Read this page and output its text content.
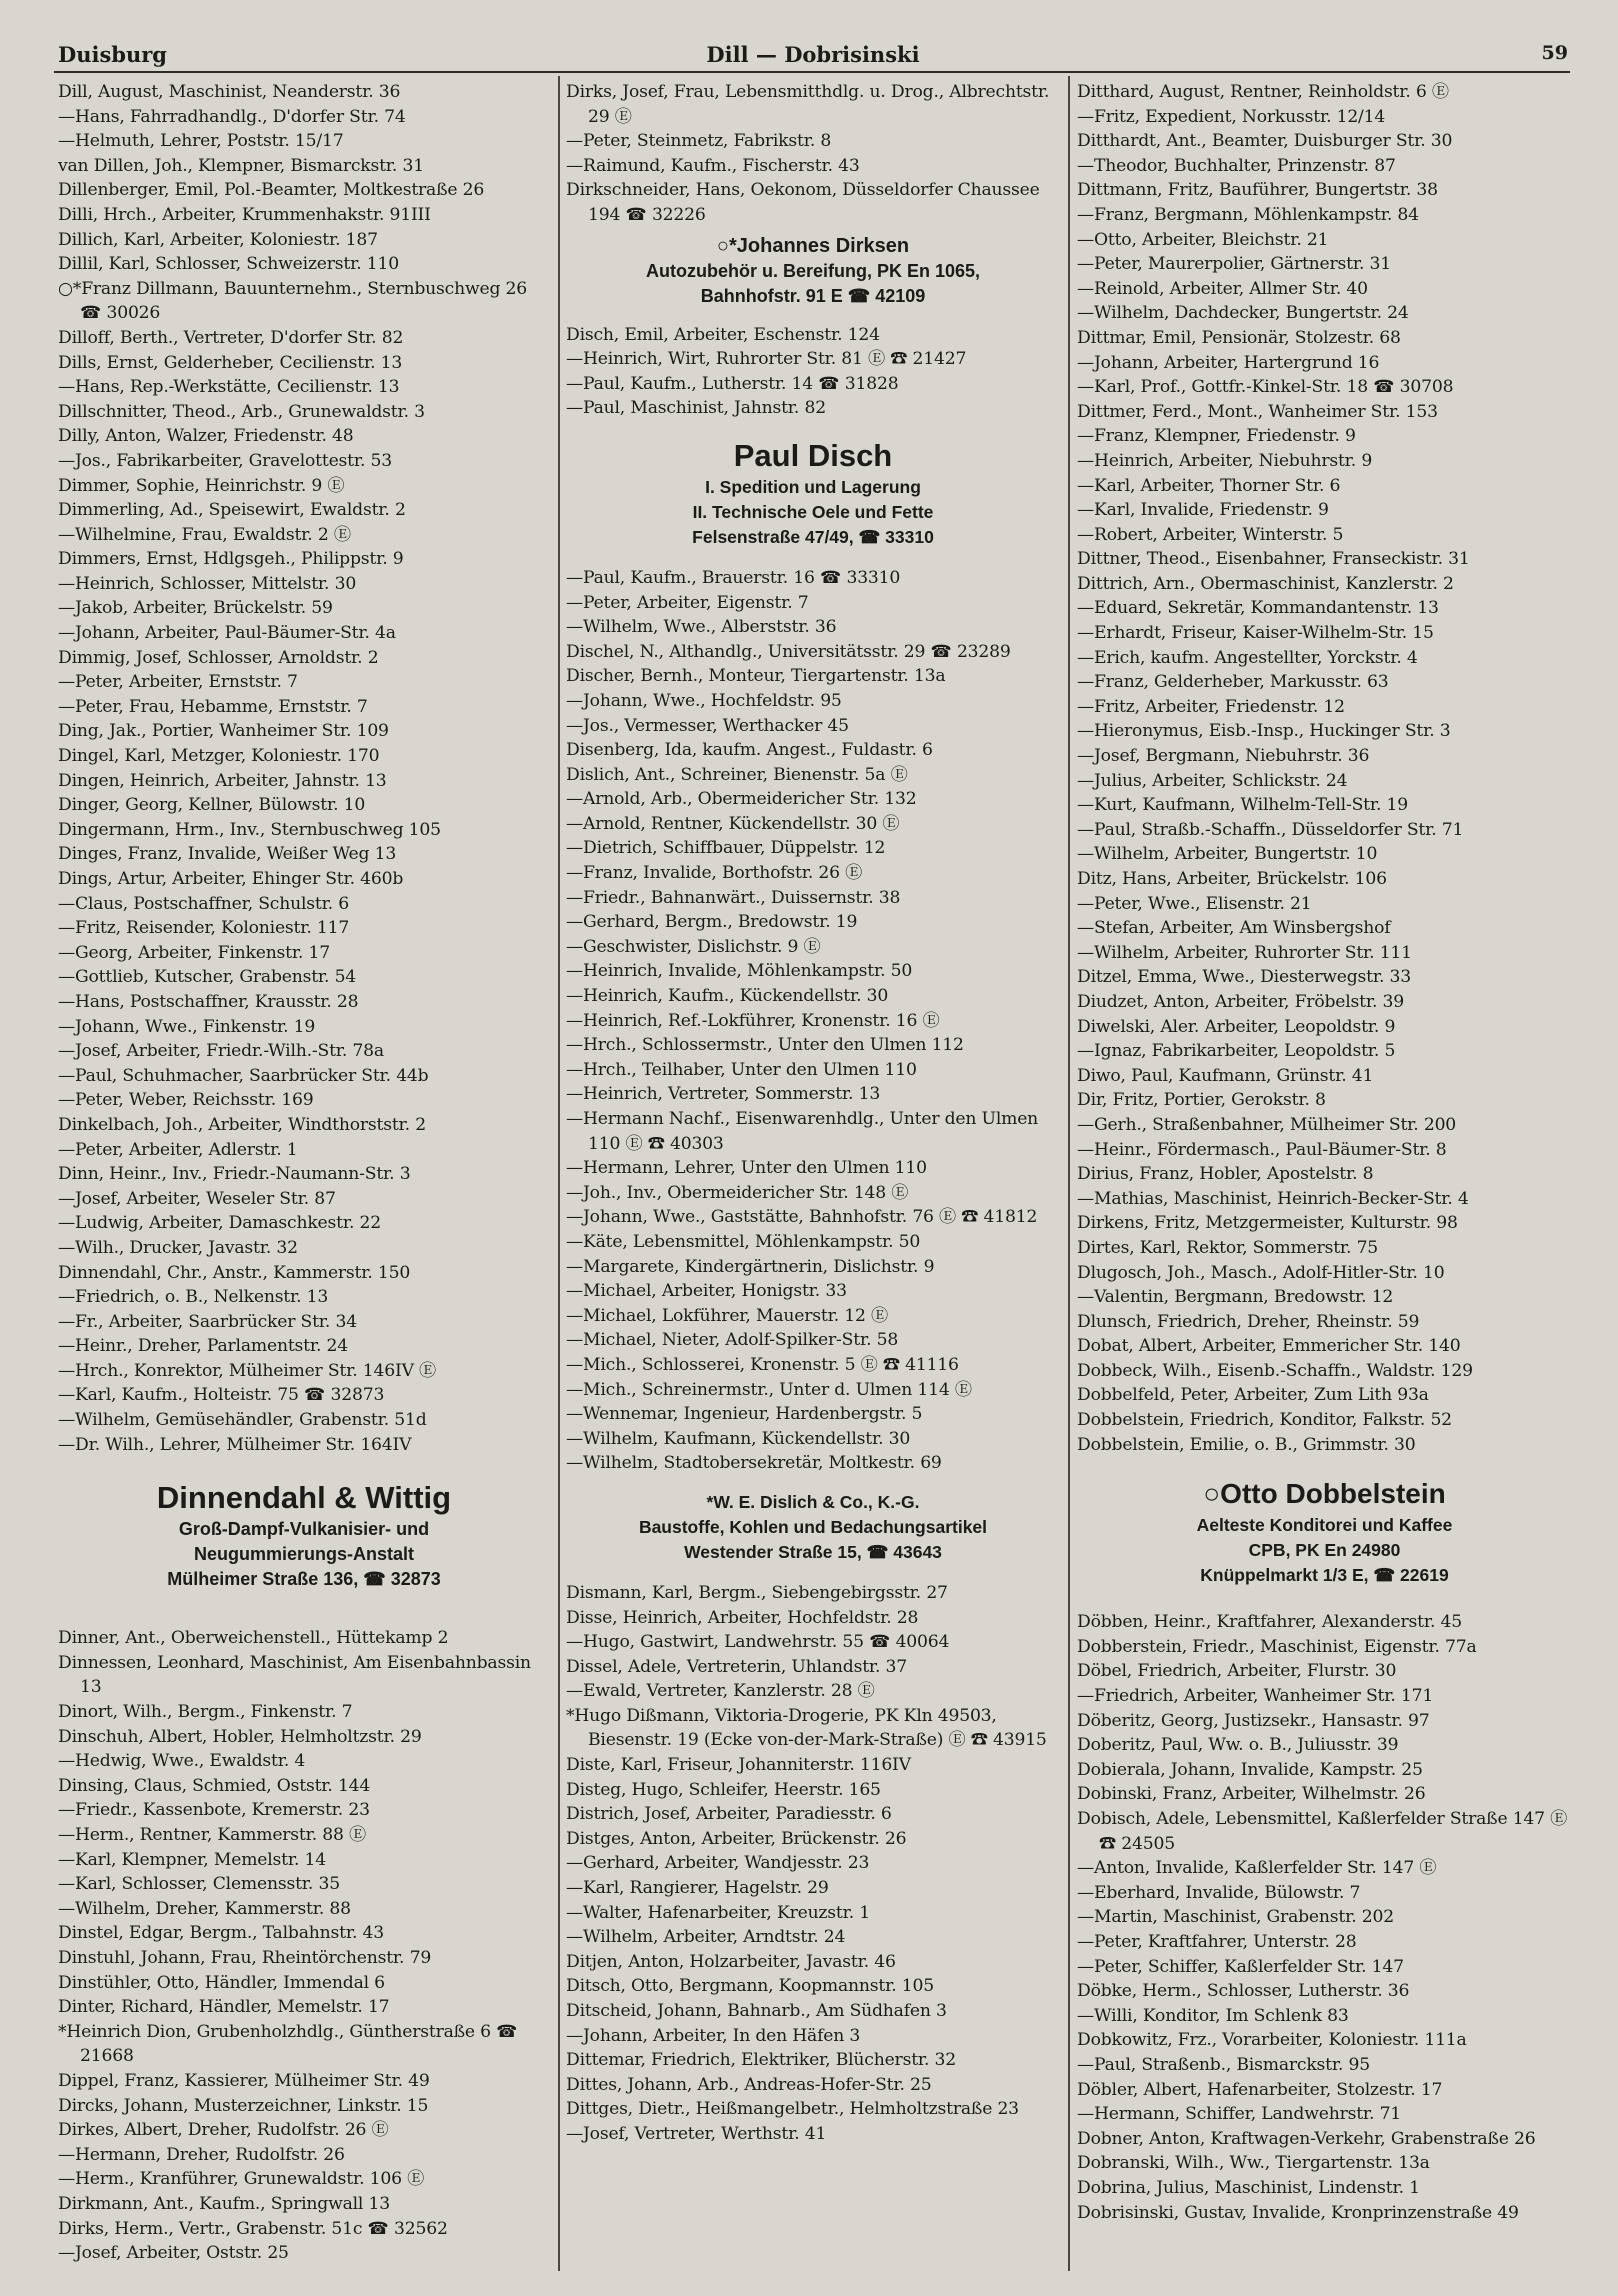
Duisburg	Dill — Dobrisinski	59
Dill, August, Maschinist, Neanderstr. 36
—Hans, Fahrradhandlg., D'dorfer Str. 74
—Helmuth, Lehrer, Poststr. 15/17
van Dillen, Joh., Klempner, Bismarckstr. 31
Dillenberger, Emil, Pol.-Beamter, Moltkestraße 26
Dilli, Hrch., Arbeiter, Krummenhakstr. 91III
Dillich, Karl, Arbeiter, Koloniestr. 187
Dillil, Karl, Schlosser, Schweizerstr. 110
○*Franz Dillmann, Bauunternehm., Sternbuschweg 26 ☎ 30026
Dilloff, Berth., Vertreter, D'dorfer Str. 82
Dills, Ernst, Gelderheber, Cecilienstr. 13
—Hans, Rep.-Werkstätte, Cecilienstr. 13
Dillschnitter, Theod., Arb., Grunewaldstr. 3
Dilly, Anton, Walzer, Friedenstr. 48
—Jos., Fabrikarbeiter, Gravelottestr. 53
Dimmer, Sophie, Heinrichstr. 9 Ⓔ
Dimmerling, Ad., Speisewirt, Ewaldstr. 2
—Wilhelmine, Frau, Ewaldstr. 2 Ⓔ
Dimmers, Ernst, Hdlgsgeh., Philippstr. 9
—Heinrich, Schlosser, Mittelstr. 30
—Jakob, Arbeiter, Brückelstr. 59
—Johann, Arbeiter, Paul-Bäumer-Str. 4a
Dimmig, Josef, Schlosser, Arnoldstr. 2
—Peter, Arbeiter, Ernststr. 7
—Peter, Frau, Hebamme, Ernststr. 7
Ding, Jak., Portier, Wanheimer Str. 109
Dingel, Karl, Metzger, Koloniestr. 170
Dingen, Heinrich, Arbeiter, Jahnstr. 13
Dinger, Georg, Kellner, Bülowstr. 10
Dingermann, Hrm., Inv., Sternbuschweg 105
Dinges, Franz, Invalide, Weißer Weg 13
Dings, Artur, Arbeiter, Ehinger Str. 460b
—Claus, Postschaffner, Schulstr. 6
—Fritz, Reisender, Koloniestr. 117
—Georg, Arbeiter, Finkenstr. 17
—Gottlieb, Kutscher, Grabenstr. 54
—Hans, Postschaffner, Krausstr. 28
—Johann, Wwe., Finkenstr. 19
—Josef, Arbeiter, Friedr.-Wilh.-Str. 78a
—Paul, Schuhmacher, Saarbrücker Str. 44b
—Peter, Weber, Reichsstr. 169
Dinkelbach, Joh., Arbeiter, Windthorststr. 2
—Peter, Arbeiter, Adlerstr. 1
Dinn, Heinr., Inv., Friedr.-Naumann-Str. 3
—Josef, Arbeiter, Weseler Str. 87
—Ludwig, Arbeiter, Damaschkestr. 22
—Wilh., Drucker, Javastr. 32
Dinnendahl, Chr., Anstr., Kammerstr. 150
—Friedrich, o. B., Nelkenstr. 13
—Fr., Arbeiter, Saarbrücker Str. 34
—Heinr., Dreher, Parlamentstr. 24
—Hrch., Konrektor, Mülheimer Str. 146IV Ⓔ
—Karl, Kaufm., Holteistr. 75 ☎ 32873
—Wilhelm, Gemüsehändler, Grabenstr. 51d
—Dr. Wilh., Lehrer, Mülheimer Str. 164IV
Dinnendahl & Wittig
Groß-Dampf-Vulkanisier- und
Neugummierungs-Anstalt
Mülheimer Straße 136, ☎ 32873
Dinner, Ant., Oberweichenstell., Hüttekamp 2
Dinnessen, Leonhard, Maschinist, Am Eisenbahnbassin 13
Dinort, Wilh., Bergm., Finkenstr. 7
Dinschuh, Albert, Hobler, Helmholtzstr. 29
—Hedwig, Wwe., Ewaldstr. 4
Dinsing, Claus, Schmied, Oststr. 144
—Friedr., Kassenbote, Kremerstr. 23
—Herm., Rentner, Kammerstr. 88 Ⓔ
—Karl, Klempner, Memelstr. 14
—Karl, Schlosser, Clemensstr. 35
—Wilhelm, Dreher, Kammerstr. 88
Dinstel, Edgar, Bergm., Talbahnstr. 43
Dinstuhl, Johann, Frau, Rheintörchenstr. 79
Dinstühler, Otto, Händler, Immendal 6
Dinter, Richard, Händler, Memelstr. 17
*Heinrich Dion, Grubenholzhdlg., Güntherstraße 6 ☎ 21668
Dippel, Franz, Kassierer, Mülheimer Str. 49
Dircks, Johann, Musterzeichner, Linkstr. 15
Dirkes, Albert, Dreher, Rudolfstr. 26 Ⓔ
—Hermann, Dreher, Rudolfstr. 26
—Herm., Kranführer, Grunewaldstr. 106 Ⓔ
Dirkmann, Ant., Kaufm., Springwall 13
Dirks, Herm., Vertr., Grabenstr. 51c ☎ 32562
—Josef, Arbeiter, Oststr. 25
Dirks, Josef, Frau, Lebensmitthdlg. u. Drog., Albrechtstr. 29 Ⓔ
—Peter, Steinmetz, Fabrikstr. 8
—Raimund, Kaufm., Fischerstr. 43
Dirkschneider, Hans, Oekonom, Düsseldorfer Chaussee 194 ☎ 32226
○*Johannes Dirksen
Autozubehör u. Bereifung, PK En 1065,
Bahnhofstr. 91 E ☎ 42109
Disch, Emil, Arbeiter, Eschenstr. 124
—Heinrich, Wirt, Ruhrorter Str. 81 Ⓔ ☎ 21427
—Paul, Kaufm., Lutherstr. 14 ☎ 31828
—Paul, Maschinist, Jahnstr. 82
Paul Disch
I. Spedition und Lagerung
II. Technische Oele und Fette
Felsenstraße 47/49, ☎ 33310
—Paul, Kaufm., Brauerstr. 16 ☎ 33310
—Peter, Arbeiter, Eigenstr. 7
—Wilhelm, Wwe., Alberststr. 36
Dischel, N., Althandlg., Universitätsstr. 29 ☎ 23289
Discher, Bernh., Monteur, Tiergartenstr. 13a
—Johann, Wwe., Hochfeldstr. 95
—Jos., Vermesser, Werthacker 45
Disenberg, Ida, kaufm. Angest., Fuldastr. 6
Dislich, Ant., Schreiner, Bienenstr. 5a Ⓔ
—Arnold, Arb., Obermeidericher Str. 132
—Arnold, Rentner, Kückendellstr. 30 Ⓔ
—Dietrich, Schiffbauer, Düppelstr. 12
—Franz, Invalide, Borthofstr. 26 Ⓔ
—Friedr., Bahnanwärt., Duissernstr. 38
—Gerhard, Bergm., Bredowstr. 19
—Geschwister, Dislichstr. 9 Ⓔ
—Heinrich, Invalide, Möhlenkampstr. 50
—Heinrich, Kaufm., Kückendellstr. 30
—Heinrich, Ref.-Lokführer, Kronenstr. 16 Ⓔ
—Hrch., Schlossermstr., Unter den Ulmen 112
—Hrch., Teilhaber, Unter den Ulmen 110
—Heinrich, Vertreter, Sommerstr. 13
—Hermann Nachf., Eisenwarenhdlg., Unter den Ulmen 110 Ⓔ ☎ 40303
—Hermann, Lehrer, Unter den Ulmen 110
—Joh., Inv., Obermeidericher Str. 148 Ⓔ
—Johann, Wwe., Gaststätte, Bahnhofstr. 76 Ⓔ ☎ 41812
—Käte, Lebensmittel, Möhlenkampstr. 50
—Margarete, Kindergärtnerin, Dislichstr. 9
—Michael, Arbeiter, Honigstr. 33
—Michael, Lokführer, Mauerstr. 12 Ⓔ
—Michael, Nieter, Adolf-Spilker-Str. 58
—Mich., Schlosserei, Kronenstr. 5 Ⓔ ☎ 41116
—Mich., Schreinermstr., Unter d. Ulmen 114 Ⓔ
—Wennemar, Ingenieur, Hardenbergstr. 5
—Wilhelm, Kaufmann, Kückendellstr. 30
—Wilhelm, Stadtobersekretär, Moltkestr. 69
*W. E. Dislich & Co., K.-G.
Baustoffe, Kohlen und Bedachungsartikel
Westender Straße 15, ☎ 43643
Dismann, Karl, Bergm., Siebengebirgsstr. 27
Disse, Heinrich, Arbeiter, Hochfeldstr. 28
—Hugo, Gastwirt, Landwehrstr. 55 ☎ 40064
Dissel, Adele, Vertreterin, Uhlandstr. 37
—Ewald, Vertreter, Kanzlerstr. 28 Ⓔ
*Hugo Dißmann, Viktoria-Drogerie, PK Kln 49503, Biesenstr. 19 (Ecke von-der-Mark-Straße) Ⓔ ☎ 43915
Diste, Karl, Friseur, Johanniterstr. 116IV
Disteg, Hugo, Schleifer, Heerstr. 165
Districh, Josef, Arbeiter, Paradiesstr. 6
Distges, Anton, Arbeiter, Brückenstr. 26
—Gerhard, Arbeiter, Wandjesstr. 23
—Karl, Rangierer, Hagelstr. 29
—Walter, Hafenarbeiter, Kreuzstr. 1
—Wilhelm, Arbeiter, Arndtstr. 24
Ditjen, Anton, Holzarbeiter, Javastr. 46
Ditsch, Otto, Bergmann, Koopmannstr. 105
Ditscheid, Johann, Bahnarb., Am Südhafen 3
—Johann, Arbeiter, In den Häfen 3
Dittemar, Friedrich, Elektriker, Blücherstr. 32
Dittes, Johann, Arb., Andreas-Hofer-Str. 25
Dittges, Dietr., Heißmangelbetr., Helmholtzstraße 23
—Josef, Vertreter, Werthstr. 41
Ditthard, August, Rentner, Reinholdstr. 6 Ⓔ
—Fritz, Expedient, Norkusstr. 12/14
Ditthardt, Ant., Beamter, Duisburger Str. 30
—Theodor, Buchhalter, Prinzenstr. 87
Dittmann, Fritz, Bauführer, Bungertstr. 38
—Franz, Bergmann, Möhlenkampstr. 84
—Otto, Arbeiter, Bleichstr. 21
—Peter, Maurerpolier, Gärtnerstr. 31
—Reinold, Arbeiter, Allmer Str. 40
—Wilhelm, Dachdecker, Bungertstr. 24
Dittmar, Emil, Pensionär, Stolzestr. 68
—Johann, Arbeiter, Hartergrund 16
—Karl, Prof., Gottfr.-Kinkel-Str. 18 ☎ 30708
Dittmer, Ferd., Mont., Wanheimer Str. 153
—Franz, Klempner, Friedenstr. 9
—Heinrich, Arbeiter, Niebuhrstr. 9
—Karl, Arbeiter, Thorner Str. 6
—Karl, Invalide, Friedenstr. 9
—Robert, Arbeiter, Winterstr. 5
Dittner, Theod., Eisenbahner, Franseckistr. 31
Dittrich, Arn., Obermaschinist, Kanzlerstr. 2
—Eduard, Sekretär, Kommandantenstr. 13
—Erhardt, Friseur, Kaiser-Wilhelm-Str. 15
—Erich, kaufm. Angestellter, Yorckstr. 4
—Franz, Gelderheber, Markusstr. 63
—Fritz, Arbeiter, Friedenstr. 12
—Hieronymus, Eisb.-Insp., Huckinger Str. 3
—Josef, Bergmann, Niebuhrstr. 36
—Julius, Arbeiter, Schlickstr. 24
—Kurt, Kaufmann, Wilhelm-Tell-Str. 19
—Paul, Straßb.-Schaffn., Düsseldorfer Str. 71
—Wilhelm, Arbeiter, Bungertstr. 10
Ditz, Hans, Arbeiter, Brückelstr. 106
—Peter, Wwe., Elisenstr. 21
—Stefan, Arbeiter, Am Winsbergshof
—Wilhelm, Arbeiter, Ruhrorter Str. 111
Ditzel, Emma, Wwe., Diesterwegstr. 33
Diudzet, Anton, Arbeiter, Fröbelstr. 39
Diwelski, Aler. Arbeiter, Leopoldstr. 9
—Ignaz, Fabrikarbeiter, Leopoldstr. 5
Diwo, Paul, Kaufmann, Grünstr. 41
Dir, Fritz, Portier, Gerokstr. 8
—Gerh., Straßenbahner, Mülheimer Str. 200
—Heinr., Fördermasch., Paul-Bäumer-Str. 8
Dirius, Franz, Hobler, Apostelstr. 8
—Mathias, Maschinist, Heinrich-Becker-Str. 4
Dirkens, Fritz, Metzgermeister, Kulturstr. 98
Dirtes, Karl, Rektor, Sommerstr. 75
Dlugosch, Joh., Masch., Adolf-Hitler-Str. 10
—Valentin, Bergmann, Bredowstr. 12
Dlunsch, Friedrich, Dreher, Rheinstr. 59
Dobat, Albert, Arbeiter, Emmericher Str. 140
Dobbeck, Wilh., Eisenb.-Schaffn., Waldstr. 129
Dobbelfeld, Peter, Arbeiter, Zum Lith 93a
Dobbelstein, Friedrich, Konditor, Falkstr. 52
Dobbelstein, Emilie, o. B., Grimmstr. 30
○Otto Dobbelstein
Aelteste Konditorei und Kaffee
CPB, PK En 24980
Knüppelmarkt 1/3 E, ☎ 22619
Döbben, Heinr., Kraftfahrer, Alexanderstr. 45
Dobberstein, Friedr., Maschinist, Eigenstr. 77a
Döbel, Friedrich, Arbeiter, Flurstr. 30
—Friedrich, Arbeiter, Wanheimer Str. 171
Döberitz, Georg, Justizsekr., Hansastr. 97
Doberitz, Paul, Ww. o. B., Juliusstr. 39
Dobierala, Johann, Invalide, Kampstr. 25
Dobinski, Franz, Arbeiter, Wilhelmstr. 26
Dobisch, Adele, Lebensmittel, Kaßlerfelder Straße 147 Ⓔ ☎ 24505
—Anton, Invalide, Kaßlerfelder Str. 147 Ⓔ
—Eberhard, Invalide, Bülowstr. 7
—Martin, Maschinist, Grabenstr. 202
—Peter, Kraftfahrer, Unterstr. 28
—Peter, Schiffer, Kaßlerfelder Str. 147
Döbke, Herm., Schlosser, Lutherstr. 36
—Willi, Konditor, Im Schlenk 83
Dobkowitz, Frz., Vorarbeiter, Koloniestr. 111a
—Paul, Straßenb., Bismarckstr. 95
Döbler, Albert, Hafenarbeiter, Stolzestr. 17
—Hermann, Schiffer, Landwehrstr. 71
Dobner, Anton, Kraftwagen-Verkehr, Grabenstraße 26
Dobranski, Wilh., Ww., Tiergartenstr. 13a
Dobrina, Julius, Maschinist, Lindenstr. 1
Dobrisinski, Gustav, Invalide, Kronprinzenstraße 49
